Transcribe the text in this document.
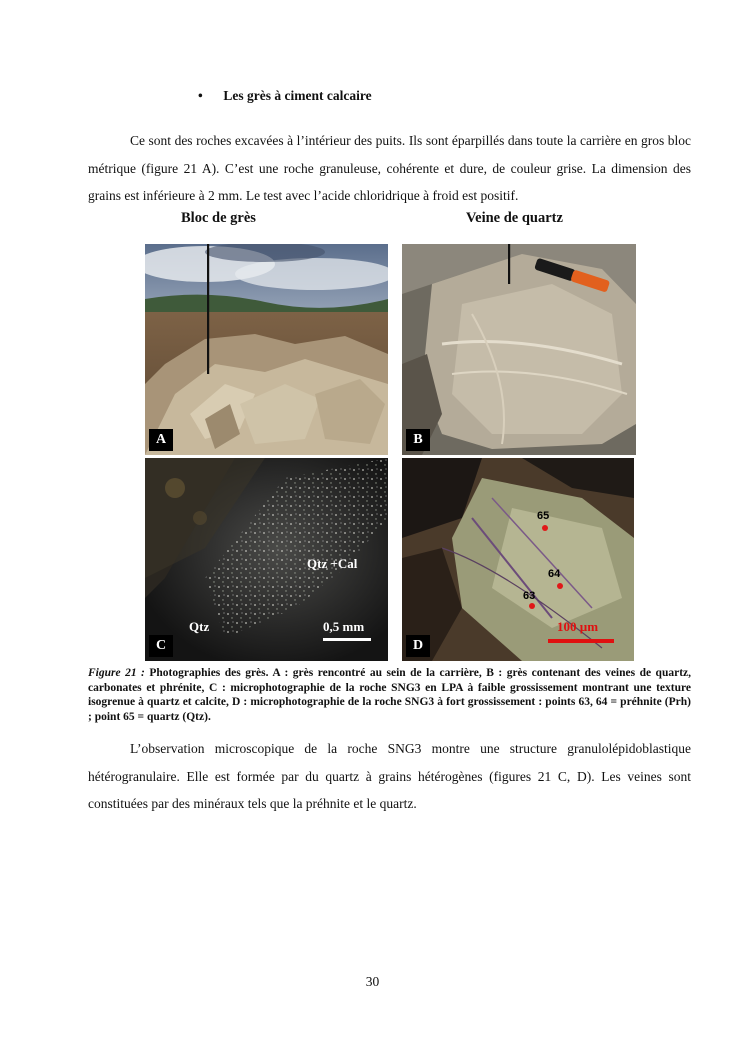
• Les grès à ciment calcaire

Ce sont des roches excavées à l’intérieur des puits. Ils sont éparpillés dans toute la carrière en gros bloc métrique (figure 21 A). C’est une roche granuleuse, cohérente et dure, de couleur grise. La dimension des grains est inférieure à 2 mm. Le test avec l’acide chloridrique à froid est positif.

Bloc de grès	Veine de quartz
A	B
Qtz +Cal
Qtz	0,5 mm
C
65
64
63
100 µm
D
Figure 21 : Photographies des grès. A : grès rencontré au sein de la carrière, B : grès contenant des veines de quartz, carbonates et phrénite, C : microphotographie de la roche SNG3 en LPA à faible grossissement montrant une texture isogrenue à quartz et calcite, D : microphotographie de la roche SNG3 à fort grossissement : points 63, 64 = préhnite (Prh) ; point 65 = quartz (Qtz).

L’observation microscopique de la roche SNG3 montre une structure granulolépidoblastique hétérogranulaire. Elle est formée par du quartz à grains hétérogènes (figures 21 C, D). Les veines sont constituées par des minéraux tels que la préhnite et le quartz.

30
